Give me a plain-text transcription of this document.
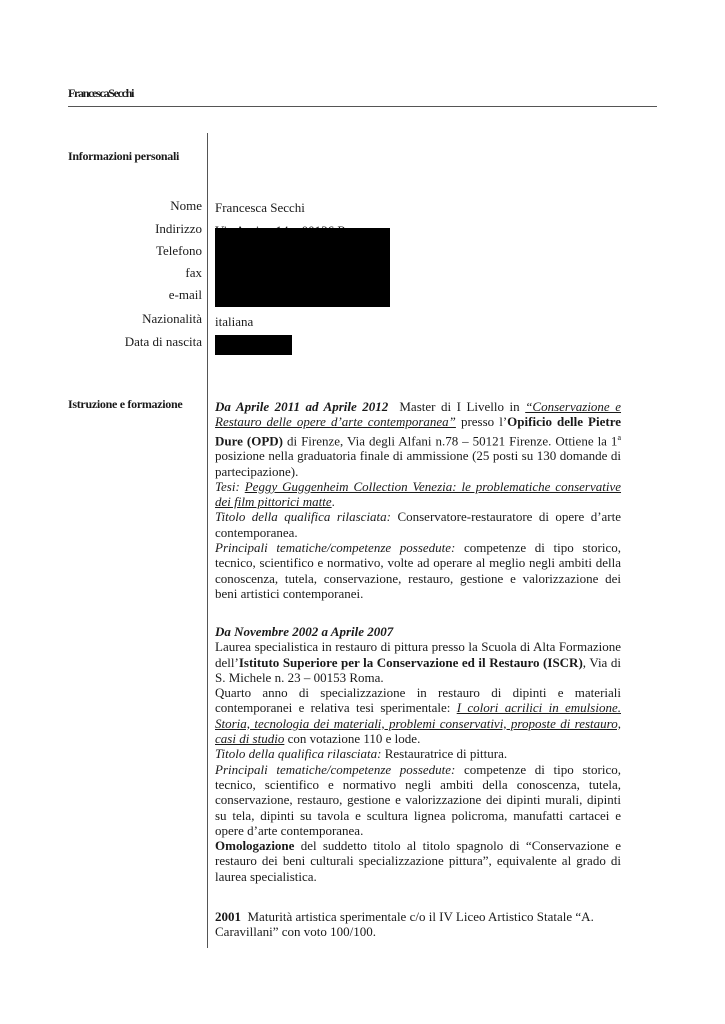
FrancescaSecchi
Informazioni personali
Nome Francesca Secchi
Indirizzo
Telefono
fax
e-mail
Nazionalità italiana
Data di nascita
Istruzione e formazione	Da Aprile 2011 ad Aprile 2012 Master di I Livello in “Conservazione e Restauro delle opere d’arte contemporanea” presso l’Opificio delle Pietre Dure (OPD) di Firenze, Via degli Alfani n.78 – 50121 Firenze. Ottiene la 1$^a$ posizione nella graduatoria finale di ammissione (25 posti su 130 domande di partecipazione).

Tesi: Peggy Guggenheim Collection Venezia: le problematiche conservative dei film pittorici matte.

Titolo della qualifica rilasciata: Conservatore-restauratore di opere d’arte contemporanea.

Principali tematiche/competenze possedute: competenze di tipo storico, tecnico, scientifico e normativo, volte ad operare al meglio negli ambiti della conoscenza, tutela, conservazione, restauro, gestione e valorizzazione dei beni artistici contemporanei.

Da Novembre 2002 a Aprile 2007

Laurea specialistica in restauro di pittura presso la Scuola di Alta Formazione dell’Istituto Superiore per la Conservazione ed il Restauro (ISCR), Via di S. Michele n. 23 – 00153 Roma.

Quarto anno di specializzazione in restauro di dipinti e materiali contemporanei e relativa tesi sperimentale: I colori acrilici in emulsione. Storia, tecnologia dei materiali, problemi conservativi, proposte di restauro, casi di studio con votazione 110 e lode.

Titolo della qualifica rilasciata: Restauratrice di pittura.

Principali tematiche/competenze possedute: competenze di tipo storico, tecnico, scientifico e normativo negli ambiti della conoscenza, tutela, conservazione, restauro, gestione e valorizzazione dei dipinti murali, dipinti su tela, dipinti su tavola e scultura lignea policroma, manufatti cartacei e opere d’arte contemporanea.

Omologazione del suddetto titolo al titolo spagnolo di “Conservazione e restauro dei beni culturali specializzazione pittura”, equivalente al grado di laurea specialistica.

2001  Maturità artistica sperimentale c/o il IV Liceo Artistico Statale “A. Caravillani” con voto 100/100.
